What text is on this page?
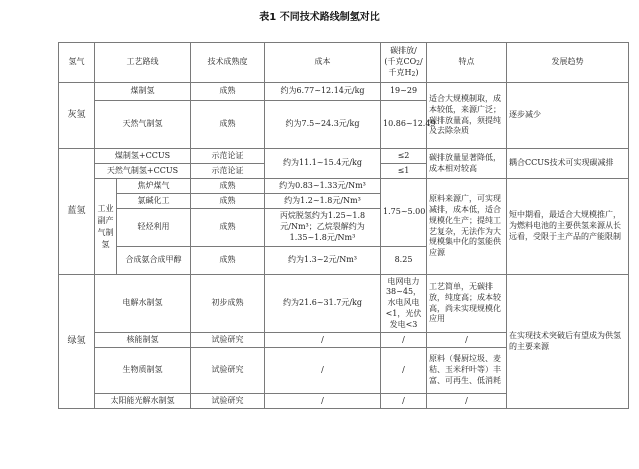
表1 不同技术路线制氢对比
氢气	工艺路线		技术成熟度	成本	碳排放/
(千克CO2/
千克H2)	特点	发展趋势
灰氢	煤制氢		成熟	约为6.77~12.14元/kg	19~29	适合大规模制取，成本较低，来源广泛；碳排放量高，须提纯及去除杂质	逐步减少
	天然气制氢		成熟	约为7.5~24.3元/kg	10.86~12.49		
蓝氢	煤制氢+CCUS		示范论证	约为11.1~15.4元/kg	≤2	碳排放量显著降低，成本相对较高	耦合CCUS技术可实现碳减排
	天然气制氢+CCUS		示范论证		≤1		
	工业副产气制氢	焦炉煤气	成熟	约为0.83~1.33元/Nm³	1.75~5.00	原料来源广，可实现减排，成本低，适合规模化生产；提纯工艺复杂，无法作为大规模集中化的氢能供应源	短中期看，最适合大规模推广，为燃料电池的主要供氢来源从长远看，受限于主产品的产能限制
		氯碱化工	成熟	约为1.2~1.8元/Nm³			
		轻烃利用	成熟	丙烷脱氢约为1.25~1.8元/Nm³；乙烷裂解约为1.35~1.8元/Nm³			
		合成氨合成甲醇	成熟	约为1.3~2元/Nm³	8.25		
绿氢	电解水制氢		初步成熟	约为21.6~31.7元/kg	电网电力38~45，水电风电<1，光伏发电<3	工艺简单，无碳排放，纯度高；成本较高，尚未实现规模化应用	在实现技术突破后有望成为供氢的主要来源
	核能制氢		试验研究	/	/	/	
	生物质制氢		试验研究	/	/	原料（餐厨垃圾、麦秸、玉米秆叶等）丰富、可再生、低消耗	
	太阳能光解水制氢		试验研究	/	/	/	
